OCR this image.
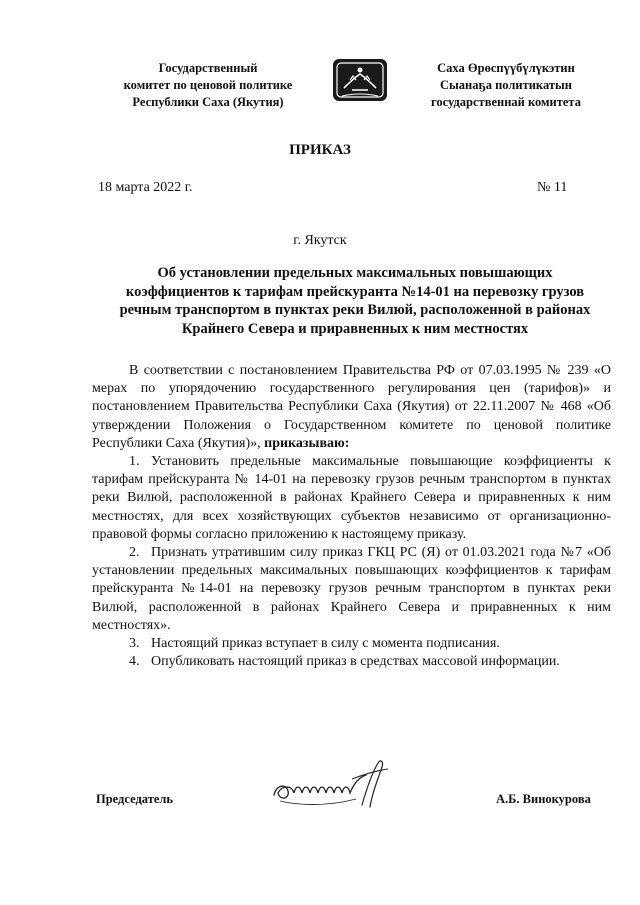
Государственный
комитет по ценовой политике
Республики Саха (Якутия)
Саха Өрөспүүбүлүкэтин
Сыанаҕа политикатын
государственнай комитета
ПРИКАЗ
18 марта 2022 г.	№ 11
г. Якутск
Об установлении предельных максимальных повышающих
коэффициентов к тарифам прейскуранта №14-01 на перевозку грузов
речным транспортом в пунктах реки Вилюй, расположенной в районах
Крайнего Севера и приравненных к ним местностях

В соответствии с постановлением Правительства РФ от 07.03.1995 № 239 «О мерах по упорядочению государственного регулирования цен (тарифов)» и постановлением Правительства Республики Саха (Якутия) от 22.11.2007 № 468 «Об утверждении Положения о Государственном комитете по ценовой политике Республики Саха (Якутия)», приказываю:

1. Установить предельные максимальные повышающие коэффициенты к тарифам прейскуранта № 14-01 на перевозку грузов речным транспортом в пунктах реки Вилюй, расположенной в районах Крайнего Севера и приравненных к ним местностях, для всех хозяйствующих субъектов независимо от организационно-правовой формы согласно приложению к настоящему приказу.

2. Признать утратившим силу приказ ГКЦ РС (Я) от 01.03.2021 года №7 «Об установлении предельных максимальных повышающих коэффициентов к тарифам прейскуранта №14-01 на перевозку грузов речным транспортом в пунктах реки Вилюй, расположенной в районах Крайнего Севера и приравненных к ним местностях».

3. Настоящий приказ вступает в силу с момента подписания.

4. Опубликовать настоящий приказ в средствах массовой информации.

Председатель	А.Б. Винокурова
